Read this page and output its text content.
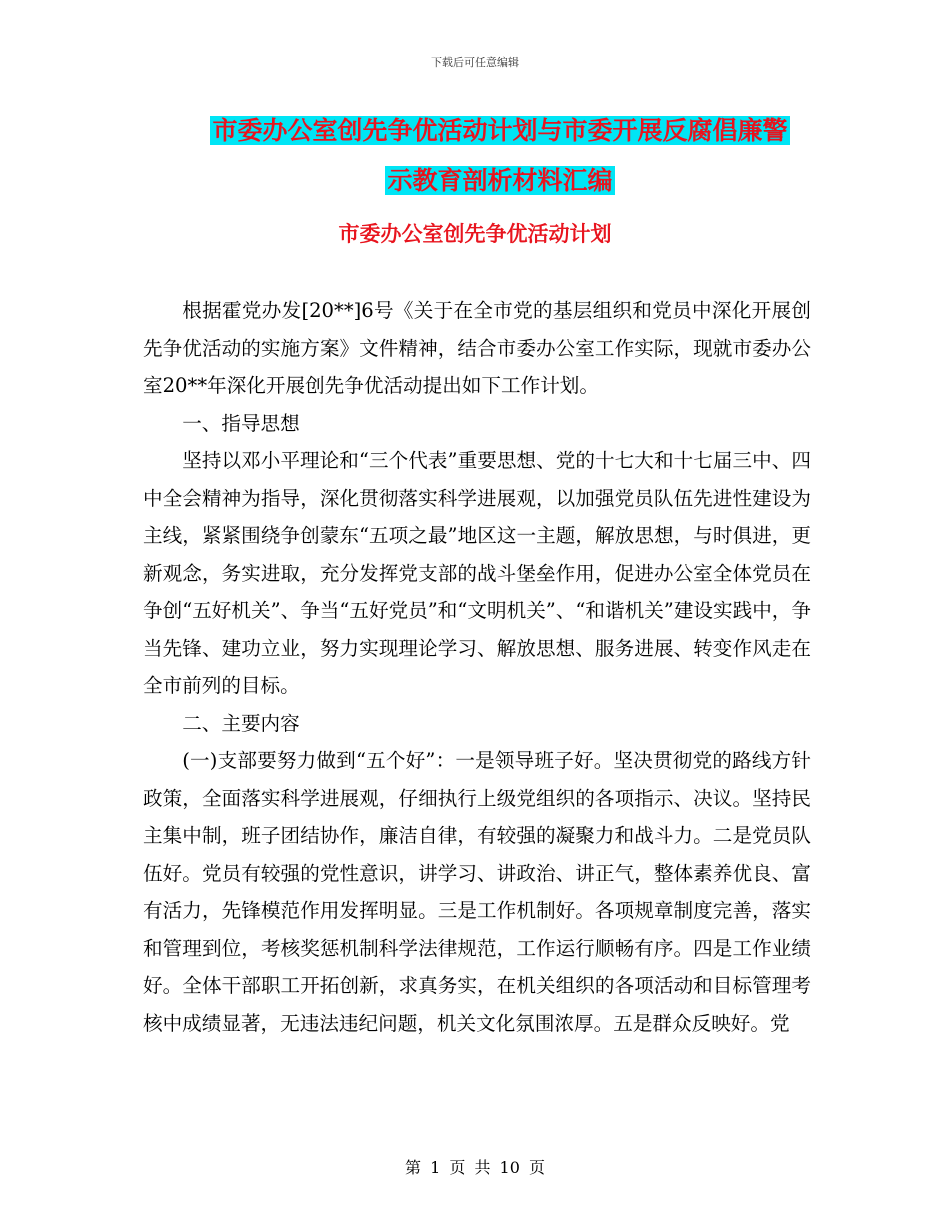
下载后可任意编辑
市委办公室创先争优活动计划与市委开展反腐倡廉警
示教育剖析材料汇编
市委办公室创先争优活动计划

根据霍党办发[20**]6号《关于在全市党的基层组织和党员中深化开展创先争优活动的实施方案》文件精神，结合市委办公室工作实际，现就市委办公室20**年深化开展创先争优活动提出如下工作计划。

一、指导思想

坚持以邓小平理论和“三个代表”重要思想、党的十七大和十七届三中、四中全会精神为指导，深化贯彻落实科学进展观，以加强党员队伍先进性建设为主线，紧紧围绕争创蒙东“五项之最”地区这一主题，解放思想，与时俱进，更新观念，务实进取，充分发挥党支部的战斗堡垒作用，促进办公室全体党员在争创“五好机关”、争当“五好党员”和“文明机关”、“和谐机关”建设实践中，争当先锋、建功立业，努力实现理论学习、解放思想、服务进展、转变作风走在全市前列的目标。

二、主要内容

(一)支部要努力做到“五个好”：一是领导班子好。坚决贯彻党的路线方针政策，全面落实科学进展观，仔细执行上级党组织的各项指示、决议。坚持民主集中制，班子团结协作，廉洁自律，有较强的凝聚力和战斗力。二是党员队伍好。党员有较强的党性意识，讲学习、讲政治、讲正气，整体素养优良、富有活力，先锋模范作用发挥明显。三是工作机制好。各项规章制度完善，落实和管理到位，考核奖惩机制科学法律规范，工作运行顺畅有序。四是工作业绩好。全体干部职工开拓创新，求真务实，在机关组织的各项活动和目标管理考核中成绩显著，无违法违纪问题，机关文化氛围浓厚。五是群众反映好。党

第 1 页 共 10 页
